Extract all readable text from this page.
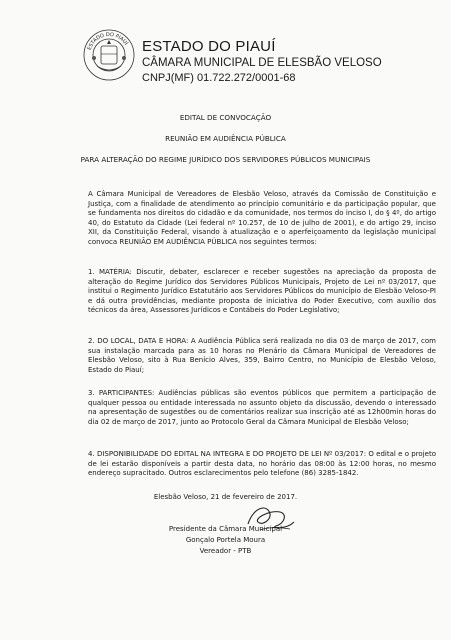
ESTADO DO PIAUÍ ESTADO DO PIAUÍ
CÂMARA MUNICIPAL DE ELESBÃO VELOSO
CNPJ(MF) 01.722.272/0001-68
EDITAL DE CONVOCAÇÃO
REUNIÃO EM AUDIÊNCIA PÚBLICA
PARA ALTERAÇÃO DO REGIME JURÍDICO DOS SERVIDORES PÚBLICOS MUNICIPAIS

A Câmara Municipal de Vereadores de Elesbão Veloso, através da Comissão de Constituição e Justiça, com a finalidade de atendimento ao princípio comunitário e da participação popular, que se fundamenta nos direitos do cidadão e da comunidade, nos termos do inciso I, do § 4º, do artigo 40, do Estatuto da Cidade (Lei federal nº 10.257, de 10 de julho de 2001), e do artigo 29, inciso XII, da Constituição Federal, visando à atualização e o aperfeiçoamento da legislação municipal convoca REUNIÃO EM AUDIÊNCIA PÚBLICA nos seguintes termos:

1. MATÉRIA: Discutir, debater, esclarecer e receber sugestões na apreciação da proposta de alteração do Regime Jurídico dos Servidores Públicos Municipais, Projeto de Lei nº 03/2017, que institui o Regimento Jurídico Estatutário aos Servidores Públicos do município de Elesbão Veloso-PI e dá outra providências, mediante proposta de iniciativa do Poder Executivo, com auxílio dos técnicos da área, Assessores Jurídicos e Contábeis do Poder Legislativo;

2. DO LOCAL, DATA E HORA: A Audiência Pública será realizada no dia 03 de março de 2017, com sua instalação marcada para as 10 horas no Plenário da Câmara Municipal de Vereadores de Elesbão Veloso, sito à Rua Benício Alves, 359, Bairro Centro, no Município de Elesbão Veloso, Estado do Piauí;

3. PARTICIPANTES: Audiências públicas são eventos públicos que permitem a participação de qualquer pessoa ou entidade interessada no assunto objeto da discussão, devendo o interessado na apresentação de sugestões ou de comentários realizar sua inscrição até as 12h00min horas do dia 02 de março de 2017, junto ao Protocolo Geral da Câmara Municipal de Elesbão Veloso;

4. DISPONIBILIDADE DO EDITAL NA INTEGRA E DO PROJETO DE LEI Nº 03/2017: O edital e o projeto de lei estarão disponíveis a partir desta data, no horário das 08:00 às 12:00 horas, no mesmo endereço supracitado. Outros esclarecimentos pelo telefone (86) 3285-1842.

Elesbão Veloso, 21 de fevereiro de 2017.
Presidente da Câmara Municipal
Gonçalo Portela Moura
Vereador - PTB
